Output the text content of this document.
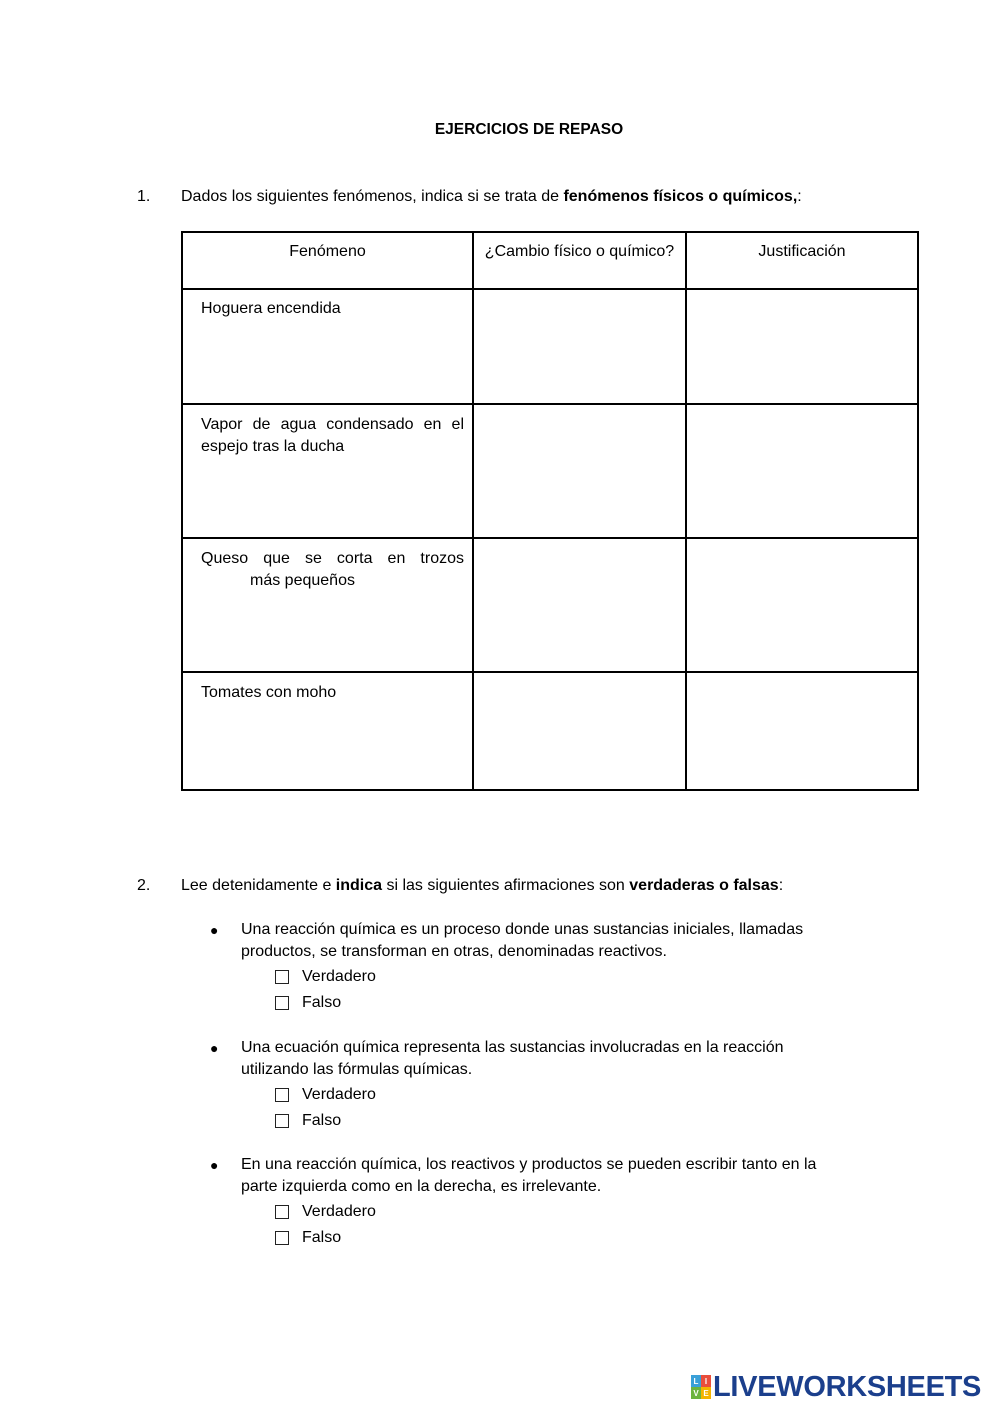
EJERCICIOS DE REPASO
1. Dados los siguientes fenómenos, indica si se trata de fenómenos físicos o químicos,:
Fenómeno	¿Cambio físico o químico?	Justificación
Hoguera encendida		
Vapor de agua condensado en el espejo tras la ducha		

Queso que se corta en trozos
más pequeños		

Tomates con moho		
2. Lee detenidamente e indica si las siguientes afirmaciones son verdaderas o falsas:
● Una reacción química es un proceso donde unas sustancias iniciales, llamadas
productos, se transforman en otras, denominadas reactivos.
Verdadero
Falso
● Una ecuación química representa las sustancias involucradas en la reacción
utilizando las fórmulas químicas.
Verdadero
Falso
● En una reacción química, los reactivos y productos se pueden escribir tanto en la
parte izquierda como en la derecha, es irrelevante.
Verdadero
Falso
L I
V E LIVEWORKSHEETS
